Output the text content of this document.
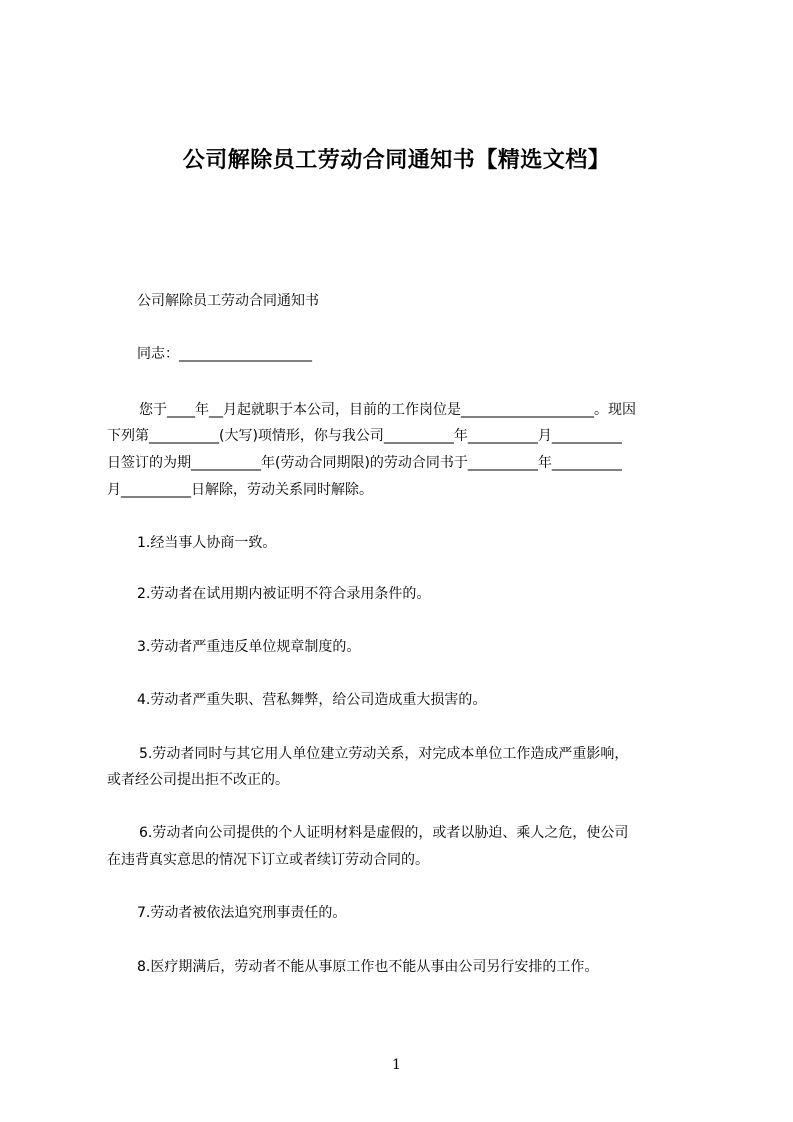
公司解除员工劳动合同通知书【精选文档】
公司解除员工劳动合同通知书
同志：___________________
您于____年__月起就职于本公司，目前的工作岗位是___________________。现因
下列第__________(大写)项情形，你与我公司__________年__________月__________
日签订的为期__________年(劳动合同期限)的劳动合同书于__________年__________
月__________日解除，劳动关系同时解除。
1.经当事人协商一致。
2.劳动者在试用期内被证明不符合录用条件的。
3.劳动者严重违反单位规章制度的。
4.劳动者严重失职、营私舞弊，给公司造成重大损害的。
5.劳动者同时与其它用人单位建立劳动关系，对完成本单位工作造成严重影响，
或者经公司提出拒不改正的。
6.劳动者向公司提供的个人证明材料是虚假的，或者以胁迫、乘人之危，使公司
在违背真实意思的情况下订立或者续订劳动合同的。
7.劳动者被依法追究刑事责任的。
8.医疗期满后，劳动者不能从事原工作也不能从事由公司另行安排的工作。
1
